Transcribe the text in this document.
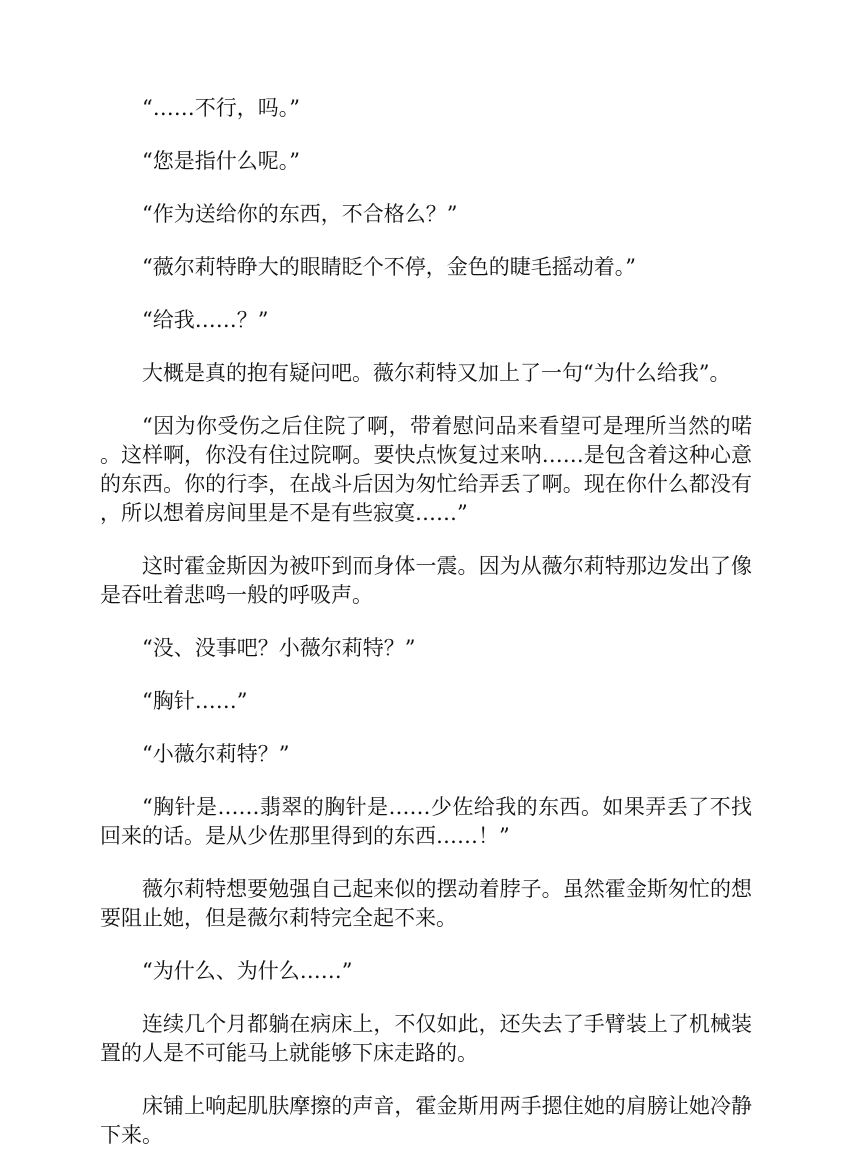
“……不行，吗。”

“您是指什么呢。”

“作为送给你的东西，不合格么？”

“薇尔莉特睁大的眼睛眨个不停，金色的睫毛摇动着。”

“给我……？”

大概是真的抱有疑问吧。薇尔莉特又加上了一句“为什么给我”。

“因为你受伤之后住院了啊，带着慰问品来看望可是理所当然的喏。这样啊，你没有住过院啊。要快点恢复过来呐……是包含着这种心意的东西。你的行李，在战斗后因为匆忙给弄丢了啊。现在你什么都没有，所以想着房间里是不是有些寂寞……”

这时霍金斯因为被吓到而身体一震。因为从薇尔莉特那边发出了像是吞吐着悲鸣一般的呼吸声。

“没、没事吧？小薇尔莉特？”

“胸针……”

“小薇尔莉特？”

“胸针是……翡翠的胸针是……少佐给我的东西。如果弄丢了不找回来的话。是从少佐那里得到的东西……！”

薇尔莉特想要勉强自己起来似的摆动着脖子。虽然霍金斯匆忙的想要阻止她，但是薇尔莉特完全起不来。

“为什么、为什么……”

连续几个月都躺在病床上，不仅如此，还失去了手臂装上了机械装置的人是不可能马上就能够下床走路的。

床铺上响起肌肤摩擦的声音，霍金斯用两手摁住她的肩膀让她冷静下来。
